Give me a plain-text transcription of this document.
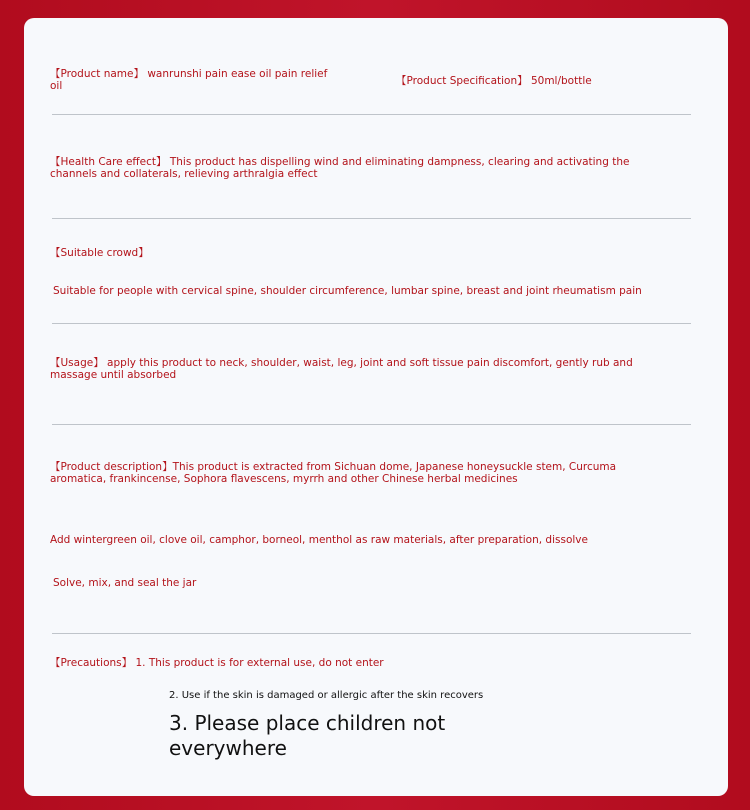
【Product name】 wanrunshi pain ease oil pain relief oil	【Product Specification】 50ml/bottle

【Health Care effect】 This product has dispelling wind and eliminating dampness, clearing and activating the channels and collaterals, relieving arthralgia effect

【Suitable crowd】

Suitable for people with cervical spine, shoulder circumference, lumbar spine, breast and joint rheumatism pain

【Usage】 apply this product to neck, shoulder, waist, leg, joint and soft tissue pain discomfort, gently rub and massage until absorbed

【Product description】This product is extracted from Sichuan dome, Japanese honeysuckle stem, Curcuma aromatica, frankincense, Sophora flavescens, myrrh and other Chinese herbal medicines

Add wintergreen oil, clove oil, camphor, borneol, menthol as raw materials, after preparation, dissolve

Solve, mix, and seal the jar

【Precautions】 1. This product is for external use, do not enter

2. Use if the skin is damaged or allergic after the skin recovers

3. Please place children not everywhere
